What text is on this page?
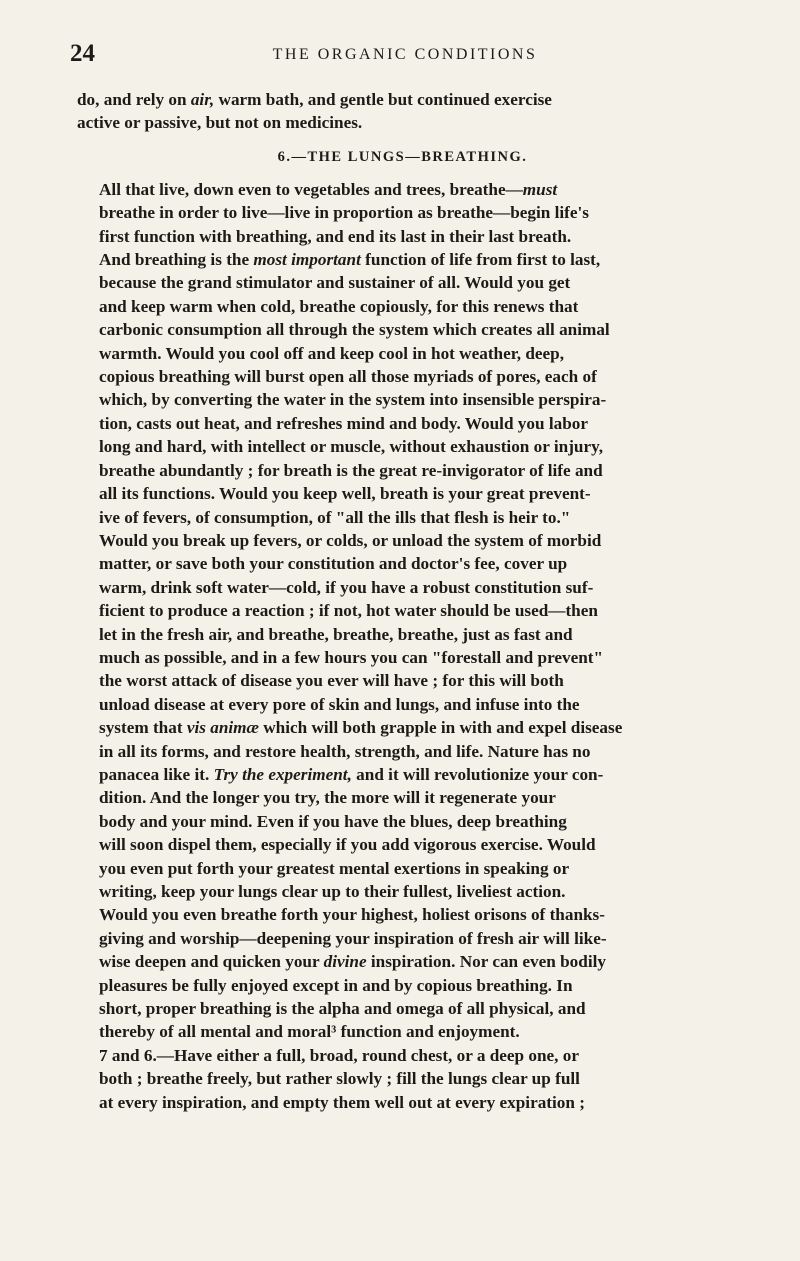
24	THE ORGANIC CONDITIONS

do, and rely on air, warm bath, and gentle but continued exercise
active or passive, but not on medicines.

6.—THE LUNGS—BREATHING.

All that live, down even to vegetables and trees, breathe—must
breathe in order to live—live in proportion as breathe—begin life's
first function with breathing, and end its last in their last breath.
And breathing is the most important function of life from first to last,
because the grand stimulator and sustainer of all. Would you get
and keep warm when cold, breathe copiously, for this renews that
carbonic consumption all through the system which creates all animal
warmth. Would you cool off and keep cool in hot weather, deep,
copious breathing will burst open all those myriads of pores, each of
which, by converting the water in the system into insensible perspira-
tion, casts out heat, and refreshes mind and body. Would you labor
long and hard, with intellect or muscle, without exhaustion or injury,
breathe abundantly ; for breath is the great re-invigorator of life and
all its functions. Would you keep well, breath is your great prevent-
ive of fevers, of consumption, of "all the ills that flesh is heir to."
Would you break up fevers, or colds, or unload the system of morbid
matter, or save both your constitution and doctor's fee, cover up
warm, drink soft water—cold, if you have a robust constitution suf-
ficient to produce a reaction ; if not, hot water should be used—then
let in the fresh air, and breathe, breathe, breathe, just as fast and
much as possible, and in a few hours you can "forestall and prevent"
the worst attack of disease you ever will have ; for this will both
unload disease at every pore of skin and lungs, and infuse into the
system that vis animæ which will both grapple in with and expel disease
in all its forms, and restore health, strength, and life. Nature has no
panacea like it. Try the experiment, and it will revolutionize your con-
dition. And the longer you try, the more will it regenerate your
body and your mind. Even if you have the blues, deep breathing
will soon dispel them, especially if you add vigorous exercise. Would
you even put forth your greatest mental exertions in speaking or
writing, keep your lungs clear up to their fullest, liveliest action.
Would you even breathe forth your highest, holiest orisons of thanks-
giving and worship—deepening your inspiration of fresh air will like-
wise deepen and quicken your divine inspiration. Nor can even bodily
pleasures be fully enjoyed except in and by copious breathing. In
short, proper breathing is the alpha and omega of all physical, and
thereby of all mental and moral³ function and enjoyment.

7 and 6.—Have either a full, broad, round chest, or a deep one, or
both ; breathe freely, but rather slowly ; fill the lungs clear up full
at every inspiration, and empty them well out at every expiration ;
